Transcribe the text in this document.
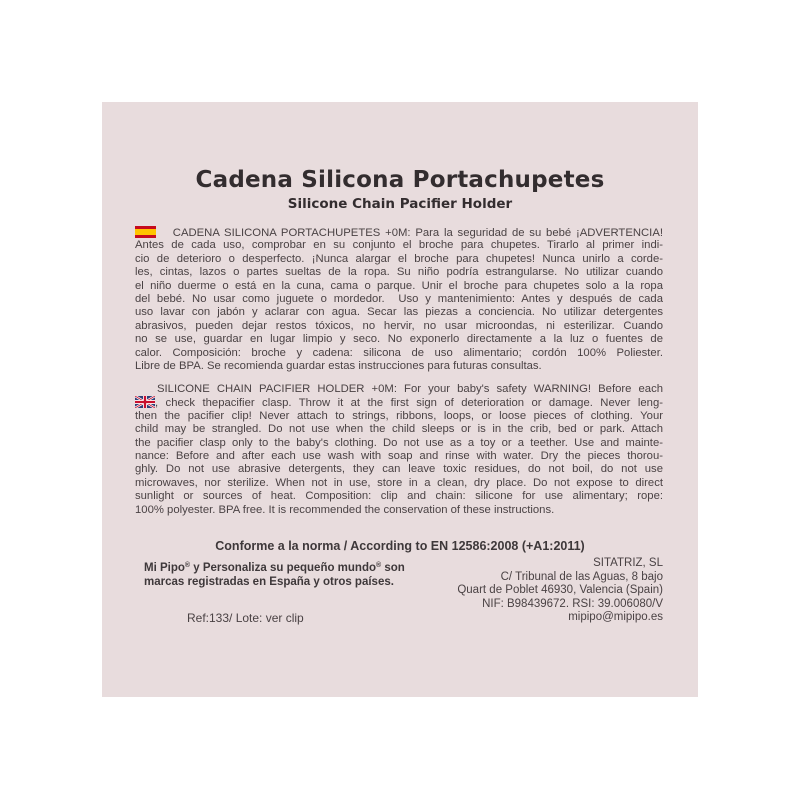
Cadena Silicona Portachupetes
Silicone Chain Pacifier Holder
CADENA SILICONA PORTACHUPETES +0M: Para la seguridad de su bebé ¡ADVERTENCIA!
Antes de cada uso, comprobar en su conjunto el broche para chupetes. Tirarlo al primer indi-
cio de deterioro o desperfecto. ¡Nunca alargar el broche para chupetes! Nunca unirlo a corde-
les, cintas, lazos o partes sueltas de la ropa. Su niño podría estrangularse. No utilizar cuando
el niño duerme o está en la cuna, cama o parque. Unir el broche para chupetes solo a la ropa
del bebé. No usar como juguete o mordedor.  Uso y mantenimiento: Antes y después de cada
uso lavar con jabón y aclarar con agua. Secar las piezas a conciencia. No utilizar detergentes
abrasivos, pueden dejar restos tóxicos, no hervir, no usar microondas, ni esterilizar. Cuando
no se use, guardar en lugar limpio y seco. No exponerlo directamente a la luz o fuentes de
calor. Composición: broche y cadena: silicona de uso alimentario; cordón 100% Poliester.
Libre de BPA. Se recomienda guardar estas instrucciones para futuras consultas.
SILICONE CHAIN PACIFIER HOLDER +0M: For your baby's safety WARNING! Before each
, check thepacifier clasp. Throw it at the first sign of deterioration or damage. Never leng-
then the pacifier clip! Never attach to strings, ribbons, loops, or loose pieces of clothing. Your
child may be strangled. Do not use when the child sleeps or is in the crib, bed or park. Attach
the pacifier clasp only to the baby's clothing. Do not use as a toy or a teether. Use and mainte-
nance: Before and after each use wash with soap and rinse with water. Dry the pieces thorou-
ghly. Do not use abrasive detergents, they can leave toxic residues, do not boil, do not use
microwaves, nor sterilize. When not in use, store in a clean, dry place. Do not expose to direct
sunlight or sources of heat. Composition: clip and chain: silicone for use alimentary; rope:
100% polyester. BPA free. It is recommended the conservation of these instructions.
Conforme a la norma / According to EN 12586:2008 (+A1:2011)
Mi Pipo® y Personaliza su pequeño mundo® son
marcas registradas en España y otros países.
SITATRIZ, SL
C/ Tribunal de las Aguas, 8 bajo
Quart de Poblet 46930, Valencia (Spain)
NIF: B98439672. RSI: 39.006080/V
mipipo@mipipo.es
Ref:133/ Lote: ver clip
